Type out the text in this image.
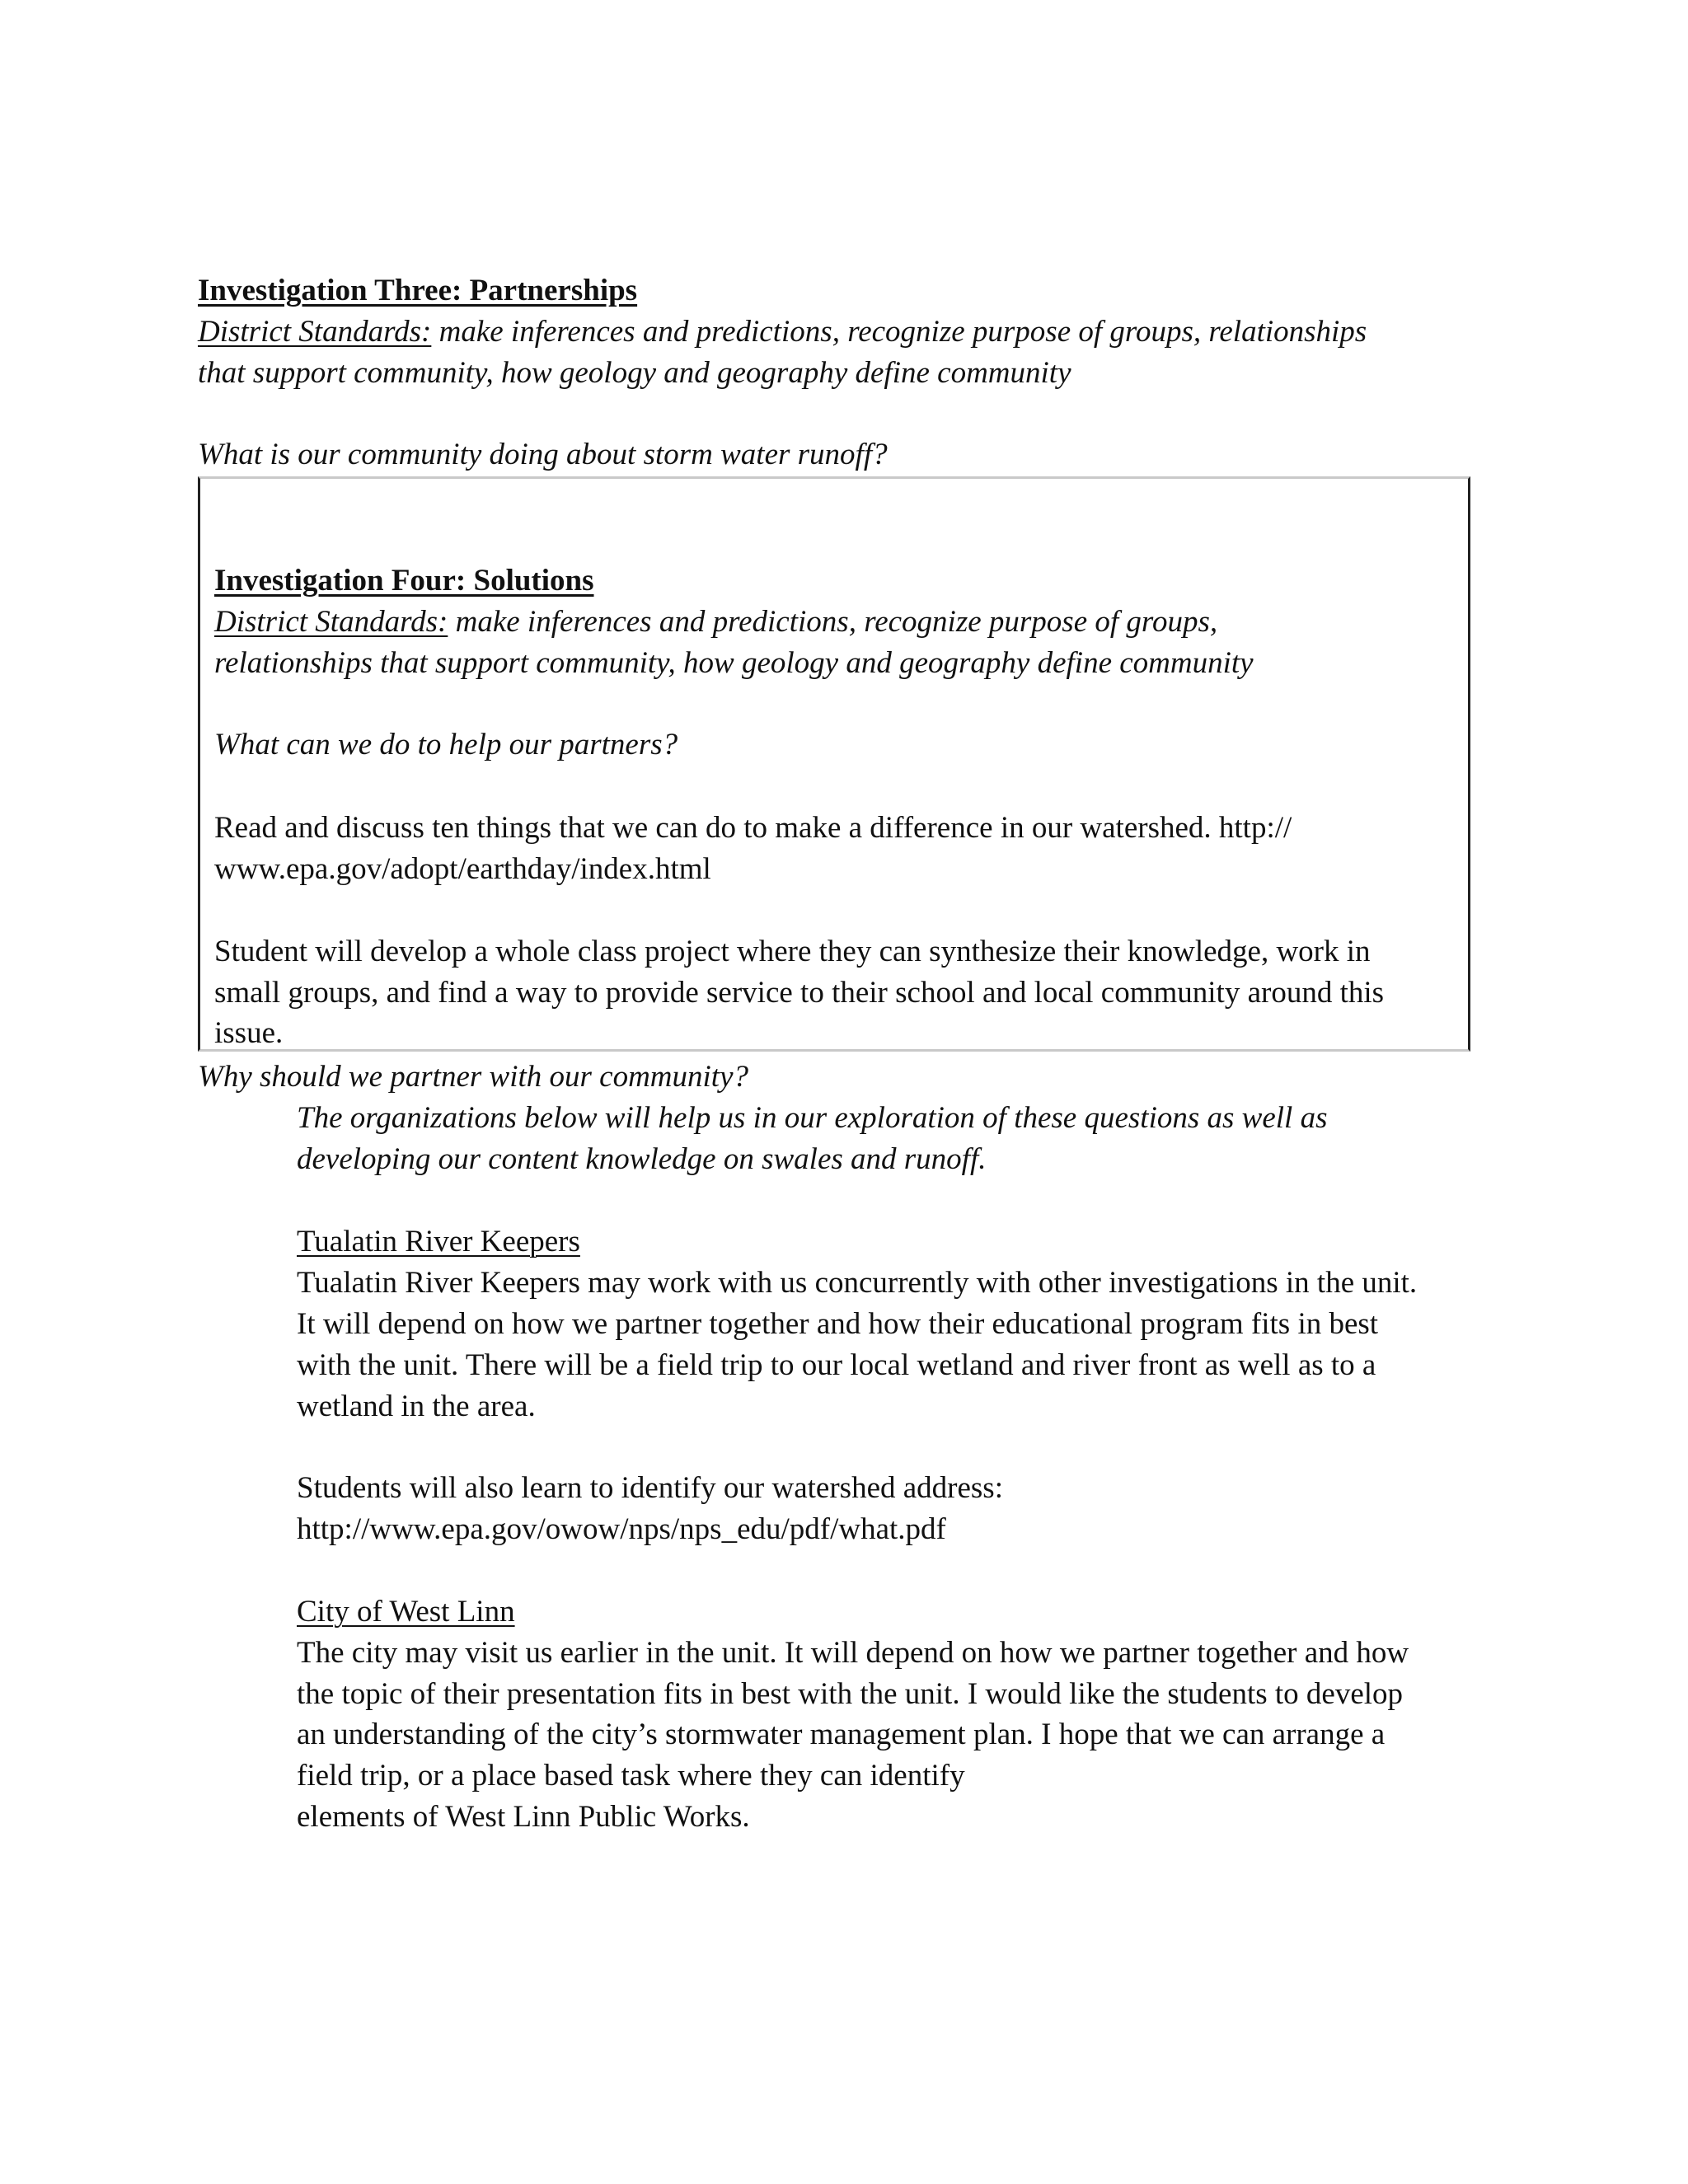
Investigation Three: Partnerships
District Standards: make inferences and predictions, recognize purpose of groups, relationships
that support community, how geology and geography define community
What is our community doing about storm water runoff?
Investigation Four: Solutions
District Standards: make inferences and predictions, recognize purpose of groups,
relationships that support community, how geology and geography define community
What can we do to help our partners?
Read and discuss ten things that we can do to make a difference in our watershed. http://
www.epa.gov/adopt/earthday/index.html
Student will develop a whole class project where they can synthesize their knowledge, work in
small groups, and find a way to provide service to their school and local community around this
issue.
Why should we partner with our community?
The organizations below will help us in our exploration of these questions as well as
developing our content knowledge on swales and runoff.
Tualatin River Keepers
Tualatin River Keepers may work with us concurrently with other investigations in the unit.
It will depend on how we partner together and how their educational program fits in best
with the unit. There will be a field trip to our local wetland and river front as well as to a
wetland in the area.
Students will also learn to identify our watershed address:
http://www.epa.gov/owow/nps/nps_edu/pdf/what.pdf
City of West Linn
The city may visit us earlier in the unit. It will depend on how we partner together and how
the topic of their presentation fits in best with the unit. I would like the students to develop
an understanding of the city’s stormwater management plan. I hope that we can arrange a
field trip, or a place based task where they can identify
elements of West Linn Public Works.
